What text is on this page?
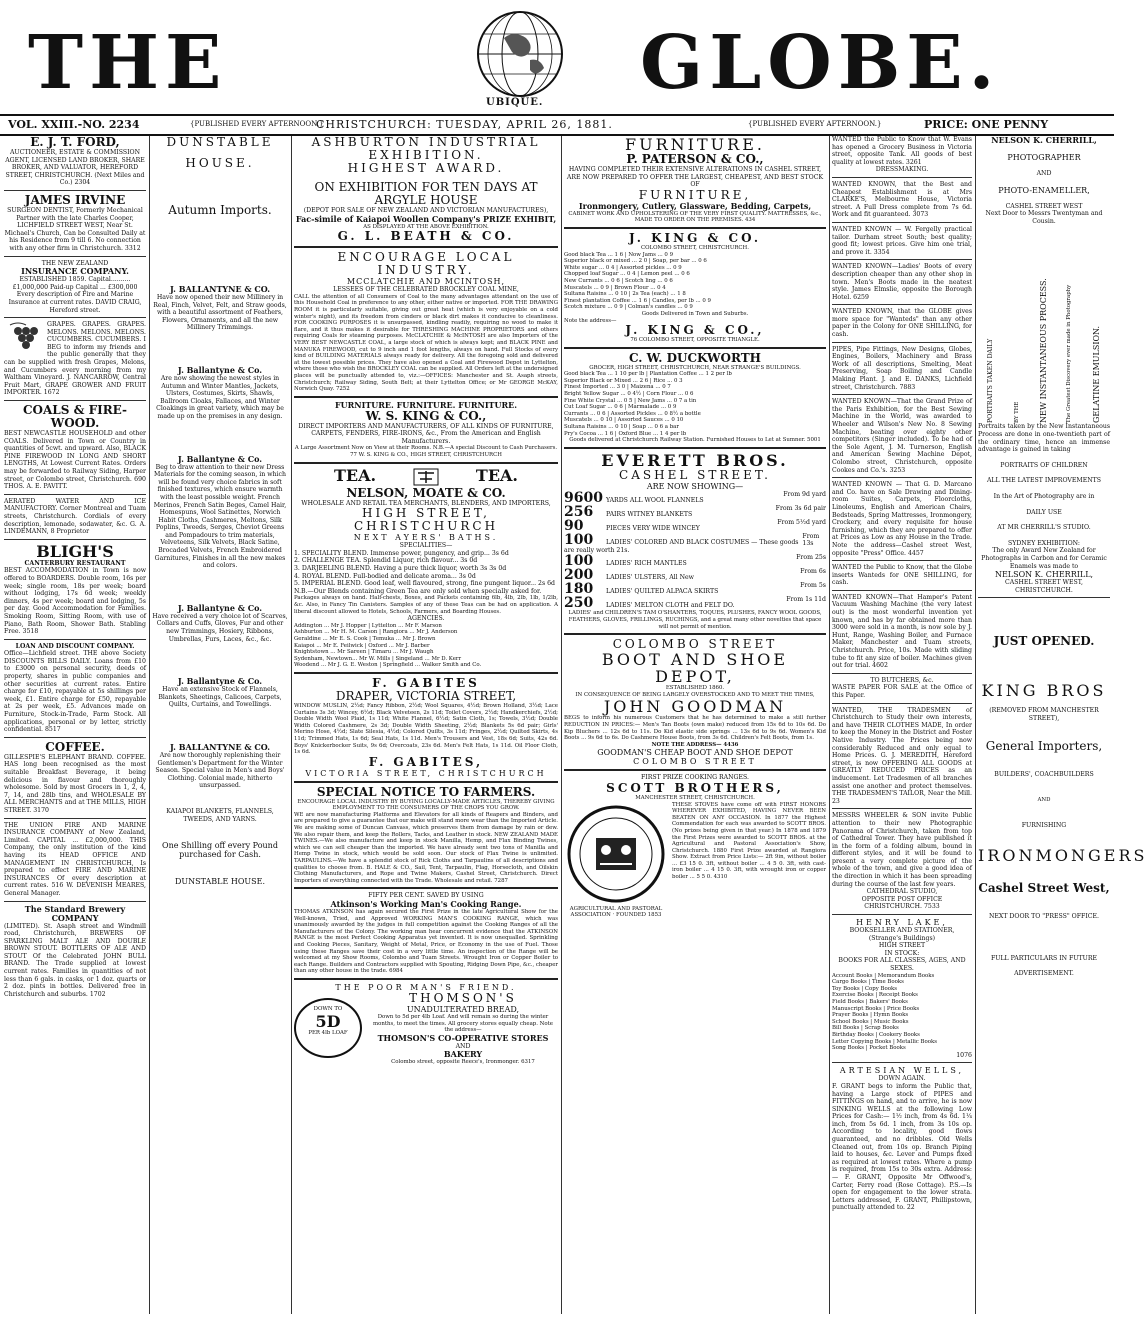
THE	UBIQUE. GLOBE.
VOL. XXIII.-NO. 2234	{PUBLISHED EVERY AFTERNOON.}
CHRISTCHURCH: TUESDAY, APRIL 26, 1881.	{PUBLISHED EVERY AFTERNOON.}	PRICE: ONE PENNY
E. J. T. FORD,
AUCTIONEER, ESTATE & COMMISSION AGENT, LICENSED LAND BROKER, SHARE BROKER, AND VALUATOR, HEREFORD STREET, CHRISTCHURCH. (Next Miles and Co.) 2304
JAMES IRVINE
SURGEON DENTIST, Formerly Mechanical Partner with the late Charles Cooper, LICHFIELD STREET WEST, Near St. Michael's Church, Can be Consulted Daily at his Residence from 9 till 6. No connection with any other firm in Christchurch. 3312
THE NEW ZEALAND
INSURANCE COMPANY.
ESTABLISHED 1859. Capital.......... £1,000,000 Paid-up Capital ... £300,000 Every description of Fire and Marine Insurance at current rates. DAVID CRAIG, Hereford street.
GRAPES. GRAPES. GRAPES. MELONS. MELONS. MELONS. CUCUMBERS. CUCUMBERS. I BEG to inform my friends and the public generally that they can be supplied with fresh Grapes, Melons, and Cucumbers every morning from my Waltham Vineyard. J. NANCARROW, Central Fruit Mart, GRAPE GROWER AND FRUIT IMPORTER. 1672
COALS & FIRE-WOOD.
BEST NEWCASTLE HOUSEHOLD and other COALS. Delivered in Town or Country in quantities of 5cwt. and upward. Also, BLACK PINE FIREWOOD IN LONG AND SHORT LENGTHS, At Lowest Current Rates. Orders may be forwarded to Railway Siding, Harper street, or Colombo street, Christchurch. 690 THOS. A. E. PAVITT.
AERATED WATER AND ICE MANUFACTORY. Corner Montreal and Tuam streets, Christchurch. Cordials of every description, lemonade, sodawater, &c. G. A. LINDEMANN, 8 Proprietor
BLIGH'S
CANTERBURY RESTAURANT
BEST ACCOMMODATION in Town is now offered to BOARDERS. Double room, 16s per week; single room, 18s per week; board without lodging, 17s 6d week; weekly dinners, 4s per week; board and lodging, 5s per day. Good Accommodation for Families. Smoking Room, Sitting Room, with use of Piano, Bath Room, Shower Bath. Stabling Free. 3518
LOAN AND DISCOUNT COMPANY.
Office—Lichfield street. THE above Society DISCOUNTS BILLS DAILY. Loans from £10 to £3000 on personal security, deeds of property, shares in public companies and other securities at current rates. Entire charge for £10, repayable at 5s shillings per week, £1. Entire charge for £50, repayable at 2s per week, £5. Advances made on Furniture, Stock-in-Trade, Farm Stock. All applications, personal or by letter, strictly confidential. 8517
COFFEE.
GILLESPIE'S ELEPHANT BRAND. COFFEE. HAS long been recognised as the most suitable Breakfast Beverage, it being delicious in flavour and thoroughly wholesome. Sold by most Grocers in 1, 2, 4, 7, 14, and 28lb tins, and WHOLESALE BY ALL MERCHANTS and at THE MILLS, HIGH STREET. 3170
THE UNION FIRE AND MARINE INSURANCE COMPANY of New Zealand, Limited. CAPITAL ... £2,000,000. THIS Company, the only institution of the kind having its HEAD OFFICE AND MANAGEMENT IN CHRISTCHURCH, Is prepared to effect FIRE AND MARINE INSURANCES Of every description at current rates. 516 W. DEVENISH MEARES, General Manager.
The Standard Brewery COMPANY
(LIMITED). St. Asaph street and Windmill road, Christchurch, BREWERS OF SPARKLING MALT ALE AND DOUBLE BROWN STOUT. BOTTLERS OF ALE AND STOUT Of the Celebrated JOHN BULL BRAND. The Trade supplied at lowest current rates. Families in quantities of not less than 6 gals. in casks, or 1 doz. quarts or 2 doz. pints in bottles. Delivered free in Christchurch and suburbs. 1702
DUNSTABLE
HOUSE.
Autumn Imports.
J. BALLANTYNE & CO.
Have now opened their new Millinery in Real, Finch, Velvet, Felt, and Straw goods, with a beautiful assortment of Feathers, Flowers, Ornaments, and all the new Millinery Trimmings.
J. Ballantyne & Co.
Are now showing the newest styles in Autumn and Winter Mantles, Jackets, Ulsters, Costumes, Skirts, Shawls, Ballroom Cloaks, Fallaces, and Winter Cloakings in great variety, which may be made up on the premises in any design.
J. Ballantyne & Co.
Beg to draw attention to their new Dress Materials for the coming season, in which will be found very choice fabrics in soft finished textures, which ensure warmth with the least possible weight. French Merinos, French Satin Beges, Camel Hair, Homespuns, Wool Satinettes, Norwich Habit Cloths, Cashmeres, Meltons, Silk Poplins, Tweeds, Serges, Cheviot Greens and Pompadours to trim materials, Velveteens, Silk Velvets, Black Satine, Brocaded Velvets, French Embroidered Garnitures, Finishes in all the new makes and colors.
J. Ballantyne & Co.
Have received a very choice lot of Scarves, Collars and Cuffs, Gloves, Fur and other new Trimmings, Hosiery, Ribbons, Umbrellas, Furs, Laces, &c., &c.
J. Ballantyne & Co.
Have an extensive Stock of Flannels, Blankets, Sheetings, Calicoes, Carpets, Quilts, Curtains, and Towellings.
J. BALLANTYNE & CO.
Are now thoroughly replenishing their Gentlemen's Department for the Winter Season. Special value in Men's and Boys' Clothing. Colonial made, hitherto unsurpassed.
KAIAPOI BLANKETS, FLANNELS, TWEEDS, AND YARNS.
One Shilling off every Pound purchased for Cash.
DUNSTABLE HOUSE.
ASHBURTON INDUSTRIAL EXHIBITION.
HIGHEST AWARD.
ON EXHIBITION FOR TEN DAYS AT ARGYLE HOUSE
(DEPOT FOR SALE OF NEW ZEALAND AND VICTORIAN MANUFACTURES),
Fac-simile of Kaiapoi Woollen Company's PRIZE EXHIBIT,
AS DISPLAYED AT THE ABOVE EXHIBITION.
G. L. BEATH & CO.
ENCOURAGE LOCAL INDUSTRY.
MCCLATCHIE AND MCINTOSH,
LESSEES OF THE CELEBRATED BROCKLEY COAL MINE,
CALL the attention of all Consumers of Coal to the many advantages attendant on the use of this Household Coal in preference to any other, either native or imported. FOR THE DRAWING ROOM it is particularly suitable, giving out great heat (which is very enjoyable on a cold winter's night), and its freedom from cinders or black dirt makes it conducive to cleanliness. FOR COOKING PURPOSES it is unsurpassed, kindling readily, requiring no wood to make it flare, and it thus makes it desirable for THRESHING MACHINE PROPRIETORS and others requiring Coals for steaming purposes. McCLATCHIE & McINTOSH are also Importers of the VERY BEST NEWCASTLE COAL, a large stock of which is always kept; and BLACK PINE and MANUKA FIREWOOD, cut to 9 inch and 1 foot lengths, always on hand. Full Stocks of every kind of BUILDING MATERIALS always ready for delivery. All the foregoing sold and delivered at the lowest possible prices. They have also opened a Coal and Firewood Depot in Lyttelton, where those who wish the BROCKLEY COAL can be supplied. All Orders left at the undersigned places will be punctually attended to, viz.:—OFFICES: Manchester and St. Asaph streets, Christchurch; Railway Siding, South Belt; at their Lyttelton Office; or Mr GEORGE McKAY, Norwich Quay. 7252
FURNITURE. FURNITURE. FURNITURE.
W. S. KING & CO.,
DIRECT IMPORTERS AND MANUFACTURERS, OF ALL KINDS OF FURNITURE, CARPETS, FENDERS, FIRE-IRONS, &c., From the American and English Manufacturers.
A Large Assortment Now on View at their Rooms. N.B.—A special Discount to Cash Purchasers.
77 W. S. KING & CO., HIGH STREET, CHRISTCHURCH
TEA.	TEA.
NELSON, MOATE & CO.
WHOLESALE AND RETAIL TEA MERCHANTS, BLENDERS, AND IMPORTERS,
HIGH STREET, CHRISTCHURCH
NEXT AYERS' BATHS.
SPECIALITIES—
1. SPECIALITY BLEND. Immense power, pungency, and grip... 3s 6d
2. CHALLENGE TEA. Splendid Liquor, rich flavour... 3s 0d
3. DARJEELING BLEND. Having a pure thick liquor, worth 3s 3s 0d
4. ROYAL BLEND. Full-bodied and delicate aroma... 3s 0d
5. IMPERIAL BLEND. Good leaf, well flavoured, strong, fine pungent liquor... 2s 6d
N.B.—Our Blends containing Green Tea are only sold when specially asked for.
Packages always on hand. Half-chests, Boxes, and Packets containing 6lb, 4lb, 2lb, 1lb, 1/2lb, &c. Also, in Fancy Tin Canisters. Samples of any of these Teas can be had on application. A liberal discount allowed to Hotels, Schools, Farmers, and Boarding Houses.
AGENCIES.
Addington ... Mr J. Hopper | Lyttelton ... Mr F. Marson
Ashburton ... Mr H. M. Carson | Rangiora ... Mr J. Anderson
Geraldine ... Mr E. S. Cook | Temuka ... Mr J. Brown
Kaiapoi ... Mr E. Feilwick | Oxford ... Mr J. Barber
Knightstown ... Mr Sareen | Timaru ... Mr J. Waugh
Sydenham, Newtown... Mr W. Mills | Singeland ... Mr D. Kerr
Woodend ... Mr J. G. E. Weston | Springfield ... Walker Smith and Co.
F. GABITES
DRAPER, VICTORIA STREET,
WINDOW MUSLIN, 2½d; Fancy Ribbon, 2½d; Wool Squares, 4½d; Brown Holland, 3½d; Lace Curtains 3s 3d; Wincey, 6½d; Black Velveteen, 2s 11d; Toilet Covers, 2½d; Handkerchiefs, 2½d; Double Width Wool Plaid, 1s 11d; White Flannel, 6½d; Satin Cloth, 1s; Towels, 3½d; Double Width Colored Cashmere, 2s 3d; Double Width Sheeting, 2½d; Blankets 5s 6d pair; Girls' Merino Hose, 4½d; Slate Silesia, 4½d; Colored Quilts, 3s 11d; Fringes, 2½d; Quilted Skirts, 4s 11d; Trimmed Hats, 1s 6d; Seal Hats, 1s 11d. Men's Trousers and Vest, 18s 6d; Suits, 42s 6d. Boys' Knickerbocker Suits, 9s 6d; Overcoats, 23s 6d. Men's Felt Hats, 1s 11d. Oil Floor Cloth, 1s 6d.
F. GABITES,
VICTORIA STREET, CHRISTCHURCH
SPECIAL NOTICE TO FARMERS.
ENCOURAGE LOCAL INDUSTRY BY BUYING LOCALLY-MADE ARTICLES, THEREBY GIVING EMPLOYMENT TO THE CONSUMERS OF THE CROPS YOU GROW.
WE are now manufacturing Platforms and Elevators for all kinds of Reapers and Binders, and are prepared to give a guarantee that our make will stand more wear than the Imported Article. We are making some of Duncan Canvass, which preserves them from damage by rain or dew. We also repair them, and keep the Rollers, Tacks, and Leather in stock. NEW ZEALAND MADE TWINES.—We also manufacture and keep in stock Manilla, Hemp, and Flax Binding Twines, which we can sell cheaper than the imported. We have already sent two tons of Manilla and Hemp Twine in stock, which would be sold soon. Our stock of Flax Twine is unlimited. TARPAULINS.—We have a splendid stock of Rick Cloths and Tarpaulins of all descriptions and qualities to choose from. B. HALE & CO., Sail, Tent, Tarpaulin, Flag, Horsecloth, and Oilskin Clothing Manufacturers, and Rope and Twine Makers, Cashel Street, Christchurch. Direct Importers of everything connected with the Trade. Wholesale and retail. 7287
FIFTY PER CENT. SAVED BY USING
Atkinson's Working Man's Cooking Range.
THOMAS ATKINSON has again secured the First Prize in the late Agricultural Show for the Well-known, Tried, and Approved WORKING MAN'S COOKING RANGE, which was unanimously awarded by the judges in full competition against the Cooking Ranges of all the Manufacturers of the Colony. The working man hear concurrent evidence that the ATKINSON RANGE is the most Perfect Cooking Apparatus yet invented. It is now unequalled. Sprinkling and Cooking Pieces, Sanitary, Weight of Metal, Price, or Economy in the use of Fuel. Those using these Ranges save their cost in a very little time. An inspection of the Range will be welcomed at my Show Rooms, Colombo and Tuam Streets. Wrought Iron or Copper Boiler to each Range. Builders and Contractors supplied with Spouting, Ridging Down Pipe, &c., cheaper than any other house in the trade. 6984
THE POOR MAN'S FRIEND.
DOWN TO
5D
PER 4lb LOAF
THOMSON'S
UNADULTERATED BREAD,
Down to 5d per 4lb Loaf. And will remain so during the winter months, to meet the times. All grocery stores equally cheap. Note the address—
THOMSON'S CO-OPERATIVE STORES
AND
BAKERY
Colombo street, opposite Reece's, Ironmonger. 6317
FURNITURE.
P. PATERSON & CO.,
HAVING COMPLETED THEIR EXTENSIVE ALTERATIONS IN CASHEL STREET, ARE NOW PREPARED TO OFFER THE LARGEST, CHEAPEST, AND BEST STOCK OF
FURNITURE,
Ironmongery, Cutlery, Glassware, Bedding, Carpets,
CABINET WORK AND UPHOLSTERING OF THE VERY FIRST QUALITY. MATTRESSES, &c., MADE TO ORDER ON THE PREMISES. 434
J. KING & CO.
COLOMBO STREET, CHRISTCHURCH.
Good black Tea ... 1 6 | Now Jams ... 0 9
Superior black or mixed ... 2 0 | Soap, per bar ... 0 6
White sugar ... 0 4 | Assorted pickles ... 0 9
Chopped loaf Sugar ... 0 4 | Lemon peel ... 0 6
New Currants ... 0 6 | Scotch ling ... 0 6
Muscatels ... 0 9 | Brown Flour ... 0 4
Sultana Raisins ... 0 10 | 2s Tea (each) ... 1 8
Finest plantation Coffee ... 1 6 | Candles, per lb ... 0 9
Scotch mixture ... 0 9 | Colman's candles ... 0 9
Goods Delivered in Town and Suburbs.
Note the address—
J. KING & CO.,
76 COLOMBO STREET, OPPOSITE TRIANGLE.
C. W. DUCKWORTH
GROCER, HIGH STREET, CHRISTCHURCH, NEAR STRANGE'S BUILDINGS.
Good black Tea ... 1 10 per lb | Plantation Coffee ... 1 2 per lb
Superior Black or Mixed ... 2 6 | Rice ... 0 3
Finest Imported ... 3 0 | Maizena ... 0 7
Bright Yellow Sugar ... 0 4½ | Corn Flour ... 0 6
Fine White Crystal ... 0 5 | New Jams ... 0 7 a tin
Cut Loaf Sugar ... 0 6 | Marmalade ... 0 9
Currants ... 0 6 | Assorted Pickles ... 0 8½ a bottle
Muscatels ... 0 10 | Assorted Sauces ... 0 10
Sultana Raisins ... 0 10 | Soap ... 0 6 a bar
Pry's Cocoa ... 1 6 | Oxford Blue ... 1 4 per lb
Goods delivered at Christchurch Railway Station. Furnished Houses to Let at Sumner. 5001
EVERETT BROS.
CASHEL STREET.
ARE NOW SHOWING—
9600 YARDS ALL WOOL FLANNELS
From 9d yard
256 PAIRS WITNEY BLANKETS
From 3s 6d pair
90	PIECES VERY WIDE WINCEY
From 5½d yard
100 LADIES' COLORED AND BLACK COSTUMES — These goods are really worth 21s.
From 13s
100 LADIES' RICH MANTLES
From 25s
200 LADIES' ULSTERS, All New
From 6s
180 LADIES' QUILTED ALPACA SKIRTS
From 5s
250 LADIES' MELTON CLOTH and FELT DO.
From 1s 11d
LADIES' and CHILDREN'S TAM O'SHANTERS, TOQUES, PLUSHES, FANCY WOOL GOODS, FEATHERS, GLOVES, FRILLINGS, RUCHINGS, and a great many other novelties that space will not permit of mention.
COLOMBO STREET
BOOT AND SHOE DEPOT,
ESTABLISHED 1860.
IN CONSEQUENCE OF BEING LARGELY OVERSTOCKED AND TO MEET THE TIMES,
JOHN GOODMAN
BEGS to inform his numerous Customers that he has determined to make a still further REDUCTION IN PRICES:— Men's Tan Boots (own make) reduced from 15s 6d to 10s 6d. Do Kip Bluchers ... 12s 6d to 11s. Do Kid elastic side springs ... 13s 6d to 9s 6d. Women's Kid Boots ... 9s 6d to 6s. Do Cashmere House Boots, from 3s 6d. Children's Felt Boots, from 1s.
NOTE THE ADDRESS— 4436
GOODMAN'S CHEAP BOOT AND SHOE DEPOT
COLOMBO STREET
FIRST PRIZE COOKING RANGES.
SCOTT BROTHERS,
MANCHESTER STREET, CHRISTCHURCH.
AGRICULTURAL AND PASTORAL ASSOCIATION · FOUNDED 1853
THESE STOVES have come off with FIRST HONORS WHEREVER EXHIBITED, HAVING NEVER BEEN BEATEN ON ANY OCCASION. In 1877 the Highest Commendation for each was awarded to SCOTT BROS. (No prizes being given in that year.) In 1878 and 1879 the First Prizes were awarded to SCOTT BROS. at the Agricultural and Pastoral Association's Show, Christchurch. 1880 First Prize awarded at Rangiora Show. Extract from Price Lists:— 2ft 9in, without boiler ... £3 15 0. 3ft, without boiler ... 4 5 0. 3ft, with cast-iron boiler ... 4 15 0. 3ft, with wrought iron or copper boiler ... 5 5 0. 4310
WANTED the Public to Know that W. Evans has opened a Grocery Business in Victoria street, opposite Tank. All goods of best quality at lowest rates. 3261
DRESSMAKING.
WANTED KNOWN, that the Best and Cheapest Establishment is at Mrs CLARKE'S, Melbourne House, Victoria street. A Full Dress complete from 7s 6d. Work and fit guaranteed. 3073
WANTED KNOWN — W. Fergelly practical tailor. Durham street South; best quality; good fit; lowest prices. Give him one trial, and prove it. 3354
WANTED KNOWN—Ladies' Boots of every description cheaper than any other shop in town. Men's Boots made in the neatest style. James Elmslie, opposite the Borough Hotel. 6259
WANTED KNOWN, that the GLOBE gives more space for "Wanteds" than any other paper in the Colony for ONE SHILLING, for cash.
PIPES, Pipe Fittings, New Designs, Globes, Engines, Boilers, Machinery and Brass Work of all descriptions, Smelting, Meat Preserving, Soap Boiling and Candle Making Plant. J. and E. DANKS, Lichfield street, Christchurch. 7883
WANTED KNOWN—That the Grand Prize of the Paris Exhibition, for the Best Sewing Machine in the World, was awarded to Wheeler and Wilson's New No. 8 Sewing Machine, beating over eighty other competitors (Singer included). To be had of the Sole Agent, J. M. Turnerson, English and American Sewing Machine Depot, Colombo street, Christchurch, opposite Cookes and Co.'s. 3253
WANTED KNOWN — That G. D. Marcano and Co. have on Sale Drawing and Dining-room Suites, Carpets, Floorcloths, Linoleums, English and American Chairs, Bedsteads, Spring Mattresses, Ironmongery, Crockery, and every requisite for house furnishing, which they are prepared to offer at Prices as Low as any House in the Trade. Note the address—Cashel street West, opposite "Press" Office. 4457
WANTED the Public to Know, that the Globe inserts Wanteds for ONE SHILLING, for cash.
WANTED KNOWN—That Hamper's Patent Vacuum Washing Machine (the very latest out) is the most wonderful invention yet known, and has by far obtained more than 3000 were sold in a month, is now sole by J. Hunt, Range, Washing Boiler, and Furnace Maker, Manchester and Tuam streets, Christchurch. Price, 10s. Made with sliding tube to fit any size of boiler. Machines given out for trial. 4602
TO BUTCHERS, &c.
WASTE PAPER FOR SALE at the Office of this Paper.
WANTED, THE TRADESMEN of Christchurch to Study their own interests, and have THEIR CLOTHES MADE, In order to keep the Money in the District and Foster Native Industry. The Prices being now considerably Reduced and only equal to Home Prices. G. J. MEREDITH, Hereford street, is now OFFERING ALL GOODS at GREATLY REDUCED PRICES as an inducement. Let Tradesmen of all branches assist one another and protect themselves. THE TRADESMEN'S TAILOR, Near the Mill. 23
MESSRS WHEELER & SON invite Public attention to their new Photographic Panorama of Christchurch, taken from top of Cathedral Tower. They have published it in the form of a folding album, bound in different styles, and it will be found to present a very complete picture of the whole of the town, and give a good idea of the direction in which it has been spreading during the course of the last few years.
CATHEDRAL STUDIO,
OPPOSITE POST OFFICE
CHRISTCHURCH. 7533
HENRY LAKE,
BOOKSELLER AND STATIONER,
(Strange's Buildings)
HIGH STREET
IN STOCK:
BOOKS FOR ALL CLASSES, AGES, AND SEXES.
Account Books | Memorandum Books
Cargo Books | Time Books
Toy Books | Copy Books
Exercise Books | Receipt Books
Field Books | Bakers' Books
Manuscript Books | Price Books
Prayer Books | Hymn Books
School Books | Music Books
Bill Books | Scrap Books
Birthday Books | Cookery Books
Letter Copying Books | Metallic Books
Song Books | Pocket Books
1076
ARTESIAN WELLS,
DOWN AGAIN.
F. GRANT begs to inform the Public that, having a Large stock of PIPES and FITTINGS on hand, and to arrive, he is now SINKING WELLS at the following Low Prices for Cash:— 1½ inch, from 4s 6d. 1¼ inch, from 5s 6d. 1 inch, from 3s 10s op. According to locality, good flows guaranteed, and no dribbles. Old Wells Cleaned out, from 10s op. Branch Piping laid to houses, &c. Lever and Pumps fixed as required at lowest rates. Where a pump is required, from 15s to 30s extra. Address:— F. GRANT, Opposite Mr Offwood's, Carter, Ferry road (Rose Cottage). P.S.—Is open for engagement to the lower strata. Letters addressed, F. GRANT, Phillipstown, punctually attended to. 22
NELSON K. CHERRILL,
PHOTOGRAPHER
AND
PHOTO-ENAMELLER,
CASHEL STREET WEST
Next Door to Messrs Twentyman and Cousin.
PORTRAITS TAKEN DAILY	BY THE NEW INSTANTANEOUS PROCESS.	The Greatest Discovery ever made in Photography GELATINE EMULSION.
Portraits taken by the New Instantaneous Process are done in one-twentieth part of the ordinary time, hence an immense advantage is gained in taking
PORTRAITS OF CHILDREN
ALL THE LATEST IMPROVEMENTS
In the Art of Photography are in
DAILY USE
AT MR CHERRILL'S STUDIO.
SYDNEY EXHIBITION:
The only Award New Zealand for Photographs in Carbon and for Ceramic Enamels was made to
NELSON K. CHERRILL,
CASHEL STREET WEST,
CHRISTCHURCH.
JUST OPENED.
KING BROS
(REMOVED FROM MANCHESTER STREET),
General Importers,
BUILDERS', COACHBUILDERS
AND
FURNISHING
IRONMONGERS
Cashel Street West,
NEXT DOOR TO "PRESS" OFFICE.
FULL PARTICULARS IN FUTURE
ADVERTISEMENT.
